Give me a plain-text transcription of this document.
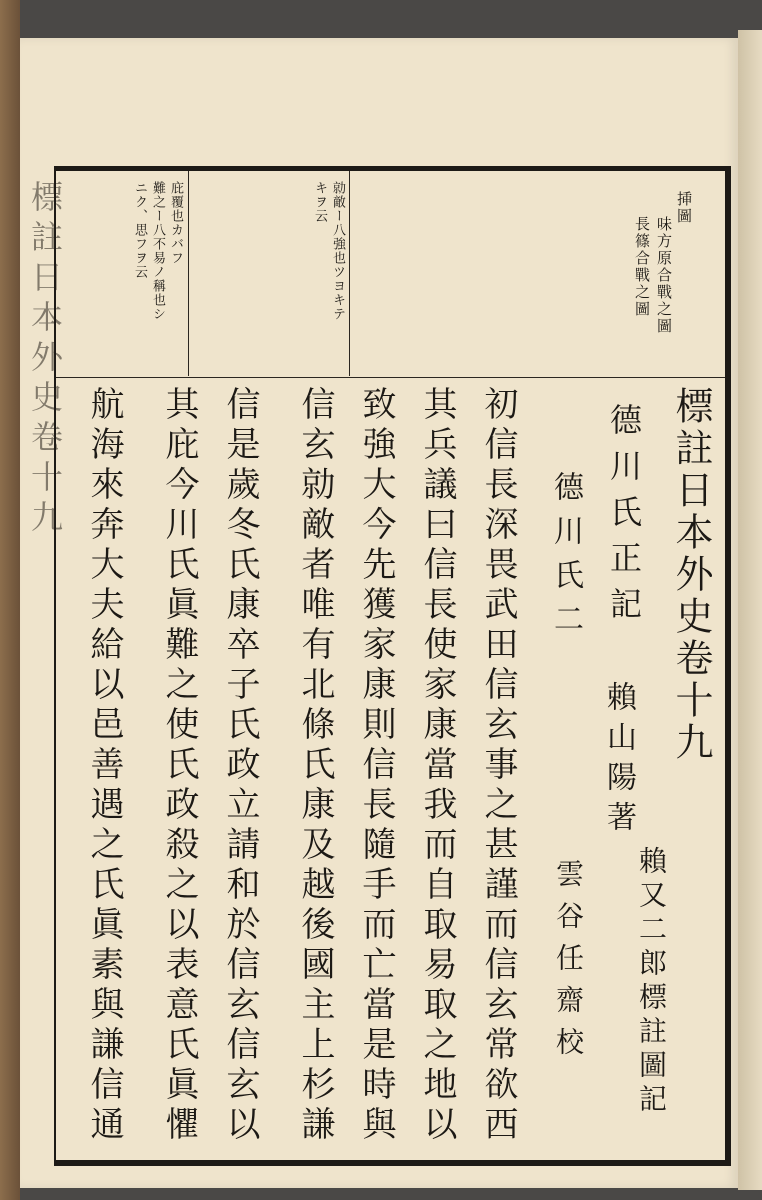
標註日本外史卷十九	挿圖
味方原合戰之圖
長篠合戰之圖
勍敵ー八強也ツヨキテ
キヲ云
庇覆也カバフ
難之ー八不易ノ稱也シ
ニク、思フヲ云
標註日本外史卷十九
德川氏正記
德川氏二
賴山陽著
賴又二郎標註圖記
雲谷任齋校
初信長深畏武田信玄事之甚謹而信玄常欲西
其兵議曰信長使家康當我而自取易取之地以
致強大今先獲家康則信長隨手而亡當是時與
信玄勍敵者唯有北條氏康及越後國主上杉謙
信是歲冬氏康卒子氏政立請和於信玄信玄以
其庇今川氏眞難之使氏政殺之以表意氏眞懼
航海來奔大夫給以邑善遇之氏眞素與謙信通
